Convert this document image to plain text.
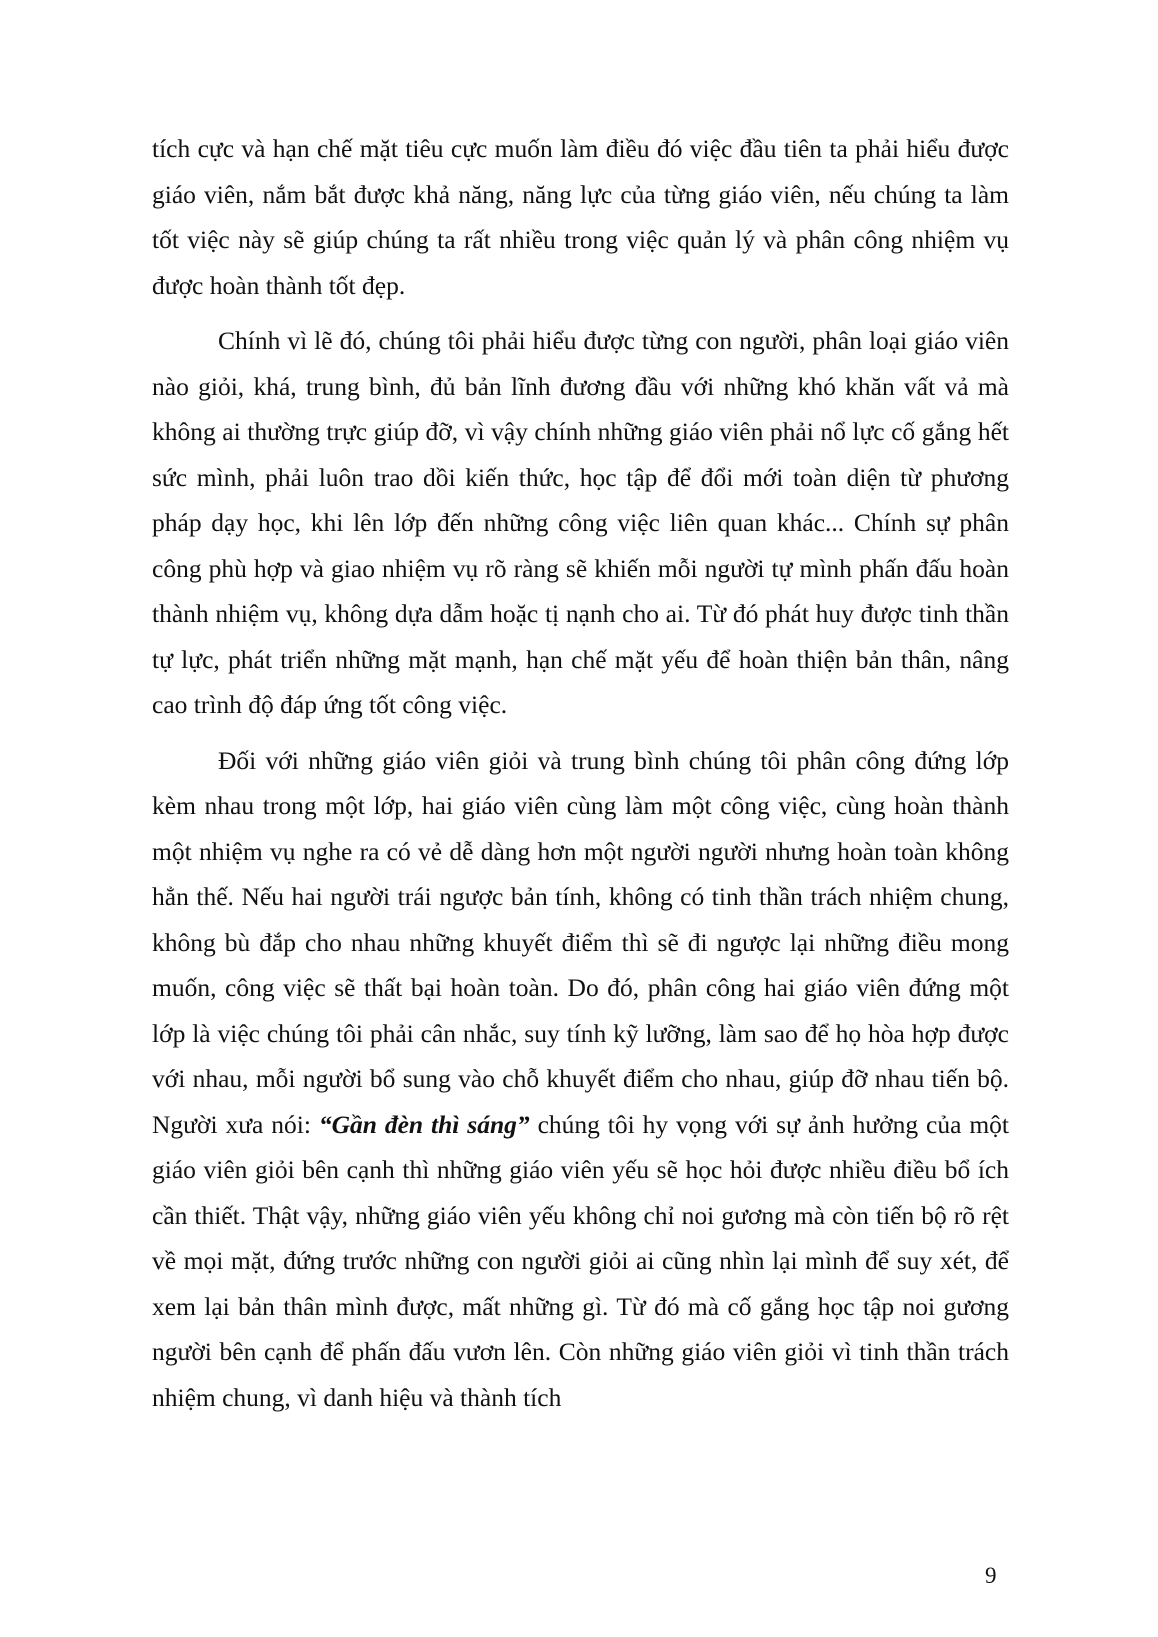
tích cực và hạn chế mặt tiêu cực muốn làm điều đó việc đầu tiên ta phải hiểu được giáo viên, nắm bắt được khả năng, năng lực của từng giáo viên, nếu chúng ta làm tốt việc này sẽ giúp chúng ta rất nhiều trong việc quản lý và phân công nhiệm vụ được hoàn thành tốt đẹp.

Chính vì lẽ đó, chúng tôi phải hiểu được từng con người, phân loại giáo viên nào giỏi, khá, trung bình, đủ bản lĩnh đương đầu với những khó khăn vất vả mà không ai thường trực giúp đỡ, vì vậy chính những giáo viên phải nổ lực cố gắng hết sức mình, phải luôn trao dồi kiến thức, học tập để đổi mới toàn diện từ phương pháp dạy học, khi lên lớp đến những công việc liên quan khác... Chính sự phân công phù hợp và giao nhiệm vụ rõ ràng sẽ khiến mỗi người tự mình phấn đấu hoàn thành nhiệm vụ, không dựa dẫm hoặc tị nạnh cho ai. Từ đó phát huy được tinh thần tự lực, phát triển những mặt mạnh, hạn chế mặt yếu để hoàn thiện bản thân, nâng cao trình độ đáp ứng tốt công việc.

Đối với những giáo viên giỏi và trung bình chúng tôi phân công đứng lớp kèm nhau trong một lớp, hai giáo viên cùng làm một công việc, cùng hoàn thành một nhiệm vụ nghe ra có vẻ dễ dàng hơn một người người nhưng hoàn toàn không hẳn thế. Nếu hai người trái ngược bản tính, không có tinh thần trách nhiệm chung, không bù đắp cho nhau những khuyết điểm thì sẽ đi ngược lại những điều mong muốn, công việc sẽ thất bại hoàn toàn. Do đó, phân công hai giáo viên đứng một lớp là việc chúng tôi phải cân nhắc, suy tính kỹ lưỡng, làm sao để họ hòa hợp được với nhau, mỗi người bổ sung vào chỗ khuyết điểm cho nhau, giúp đỡ nhau tiến bộ. Người xưa nói: “Gần đèn thì sáng” chúng tôi hy vọng với sự ảnh hưởng của một giáo viên giỏi bên cạnh thì những giáo viên yếu sẽ học hỏi được nhiều điều bổ ích cần thiết. Thật vậy, những giáo viên yếu không chỉ noi gương mà còn tiến bộ rõ rệt về mọi mặt, đứng trước những con người giỏi ai cũng nhìn lại mình để suy xét, để xem lại bản thân mình được, mất những gì. Từ đó mà cố gắng học tập noi gương người bên cạnh để phấn đấu vươn lên. Còn những giáo viên giỏi vì tinh thần trách nhiệm chung, vì danh hiệu và thành tích

9
